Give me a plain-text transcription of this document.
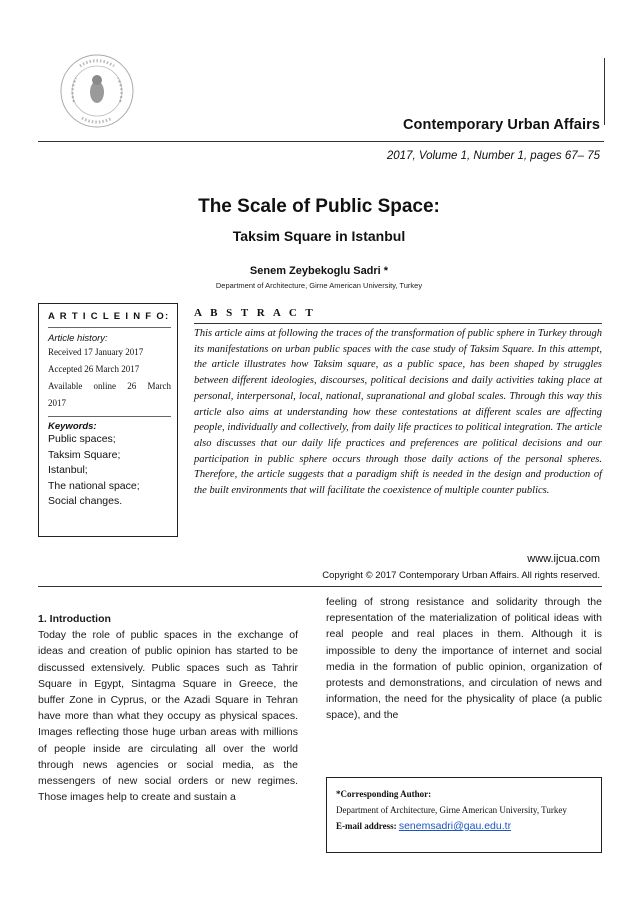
Contemporary Urban Affairs
2017, Volume 1, Number 1, pages 67– 75
The Scale of Public Space:
Taksim Square in Istanbul
Senem Zeybekoglu Sadri *
Department of Architecture, Girne American University, Turkey
A R T I C L E I N F O:
Article history:
Received 17 January 2017
Accepted 26 March 2017
Available online 26 March
2017
Keywords:
Public spaces;
Taksim Square;
Istanbul;
The national space;
Social changes.
A B S T R A C T
This article aims at following the traces of the transformation of public sphere in Turkey through its manifestations on urban public spaces with the case study of Taksim Square. In this attempt, the article illustrates how Taksim square, as a public space, has been shaped by struggles between different ideologies, discourses, political decisions and daily activities taking place at personal, interpersonal, local, national, supranational and global scales. Through this way this article also aims at understanding how these contestations at different scales are affecting people, individually and collectively, from daily life practices to political integration. The article also discusses that our daily life practices and preferences are political decisions and our participation in public sphere occurs through those daily actions of the personal spheres. Therefore, the article suggests that a paradigm shift is needed in the design and production of the built environments that will facilitate the coexistence of multiple counter publics.
www.ijcua.com
Copyright © 2017 Contemporary Urban Affairs. All rights reserved.
1. Introduction
Today the role of public spaces in the exchange of ideas and creation of public opinion has started to be discussed extensively. Public spaces such as Tahrir Square in Egypt, Sintagma Square in Greece, the buffer Zone in Cyprus, or the Azadi Square in Tehran have more than what they occupy as physical spaces. Images reflecting those huge urban areas with millions of people inside are circulating all over the world through news agencies or social media, as the messengers of new social orders or new regimes. Those images help to create and sustain a
feeling of strong resistance and solidarity through the representation of the materialization of political ideas with real people and real places in them. Although it is impossible to deny the importance of internet and social media in the formation of public opinion, organization of protests and demonstrations, and circulation of news and information, the need for the physicality of place (a public space), and the
*Corresponding Author:
Department of Architecture, Girne American University, Turkey
E-mail address: senemsadri@gau.edu.tr
